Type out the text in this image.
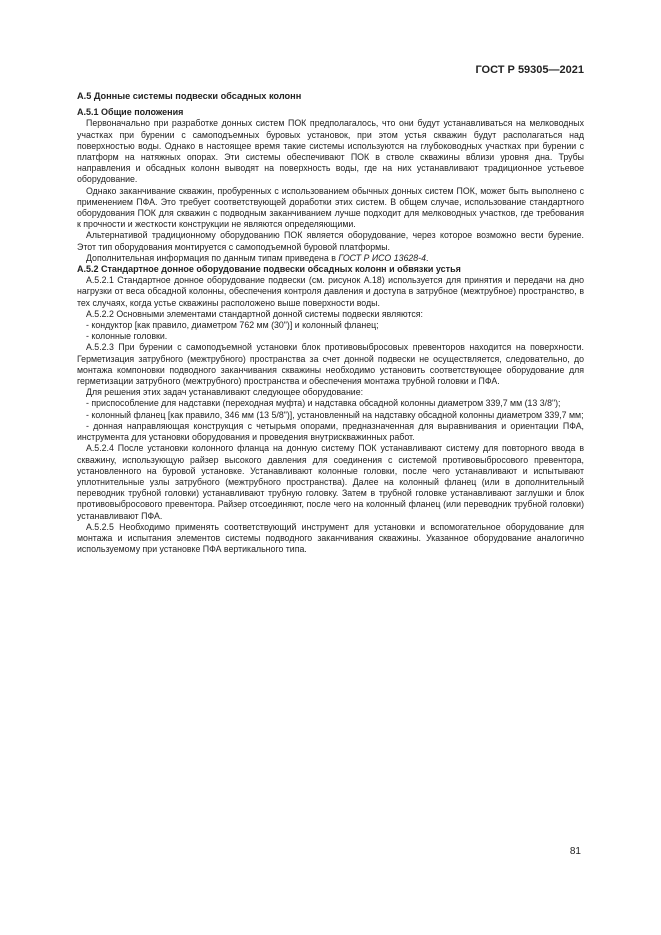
ГОСТ Р 59305—2021
А.5 Донные системы подвески обсадных колонн
А.5.1 Общие положения

Первоначально при разработке донных систем ПОК предполагалось, что они будут устанавливаться на мелководных участках при бурении с самоподъемных буровых установок, при этом устья скважин будут располагаться над поверхностью воды. Однако в настоящее время такие системы используются на глубоководных участках при бурении с платформ на натяжных опорах. Эти системы обеспечивают ПОК в стволе скважины вблизи уровня дна. Трубы направления и обсадных колонн выводят на поверхность воды, где на них устанавливают традиционное устьевое оборудование.

Однако заканчивание скважин, пробуренных с использованием обычных донных систем ПОК, может быть выполнено с применением ПФА. Это требует соответствующей доработки этих систем. В общем случае, использование стандартного оборудования ПОК для скважин с подводным заканчиванием лучше подходит для мелководных участков, где требования к прочности и жесткости конструкции не являются определяющими.

Альтернативой традиционному оборудованию ПОК является оборудование, через которое возможно вести бурение. Этот тип оборудования монтируется с самоподъемной буровой платформы.

Дополнительная информация по данным типам приведена в ГОСТ Р ИСО 13628-4.

А.5.2 Стандартное донное оборудование подвески обсадных колонн и обвязки устья

А.5.2.1 Стандартное донное оборудование подвески (см. рисунок А.18) используется для принятия и передачи на дно нагрузки от веса обсадной колонны, обеспечения контроля давления и доступа в затрубное (межтрубное) пространство, в тех случаях, когда устье скважины расположено выше поверхности воды.

А.5.2.2 Основными элементами стандартной донной системы подвески являются:

- кондуктор [как правило, диаметром 762 мм (30")] и колонный фланец;

- колонные головки.

А.5.2.3 При бурении с самоподъемной установки блок противовыбросовых превенторов находится на поверхности. Герметизация затрубного (межтрубного) пространства за счет донной подвески не осуществляется, следовательно, до монтажа компоновки подводного заканчивания скважины необходимо установить соответствующее оборудование для герметизации затрубного (межтрубного) пространства и обеспечения монтажа трубной головки и ПФА.

Для решения этих задач устанавливают следующее оборудование:

- приспособление для надставки (переходная муфта) и надставка обсадной колонны диаметром 339,7 мм (13 3/8");

- колонный фланец [как правило, 346 мм (13 5/8")], установленный на надставку обсадной колонны диаметром 339,7 мм;

- донная направляющая конструкция с четырьмя опорами, предназначенная для выравнивания и ориентации ПФА, инструмента для установки оборудования и проведения внутрискважинных работ.

А.5.2.4 После установки колонного фланца на донную систему ПОК устанавливают систему для повторного ввода в скважину, использующую райзер высокого давления для соединения с системой противовыбросового превентора, установленного на буровой установке. Устанавливают колонные головки, после чего устанавливают и испытывают уплотнительные узлы затрубного (межтрубного пространства). Далее на колонный фланец (или в дополнительный переводник трубной головки) устанавливают трубную головку. Затем в трубной головке устанавливают заглушки и блок противовыбросового превентора. Райзер отсоединяют, после чего на колонный фланец (или переводник трубной головки) устанавливают ПФА.

А.5.2.5 Необходимо применять соответствующий инструмент для установки и вспомогательное оборудование для монтажа и испытания элементов системы подводного заканчивания скважины. Указанное оборудование аналогично используемому при установке ПФА вертикального типа.

81
